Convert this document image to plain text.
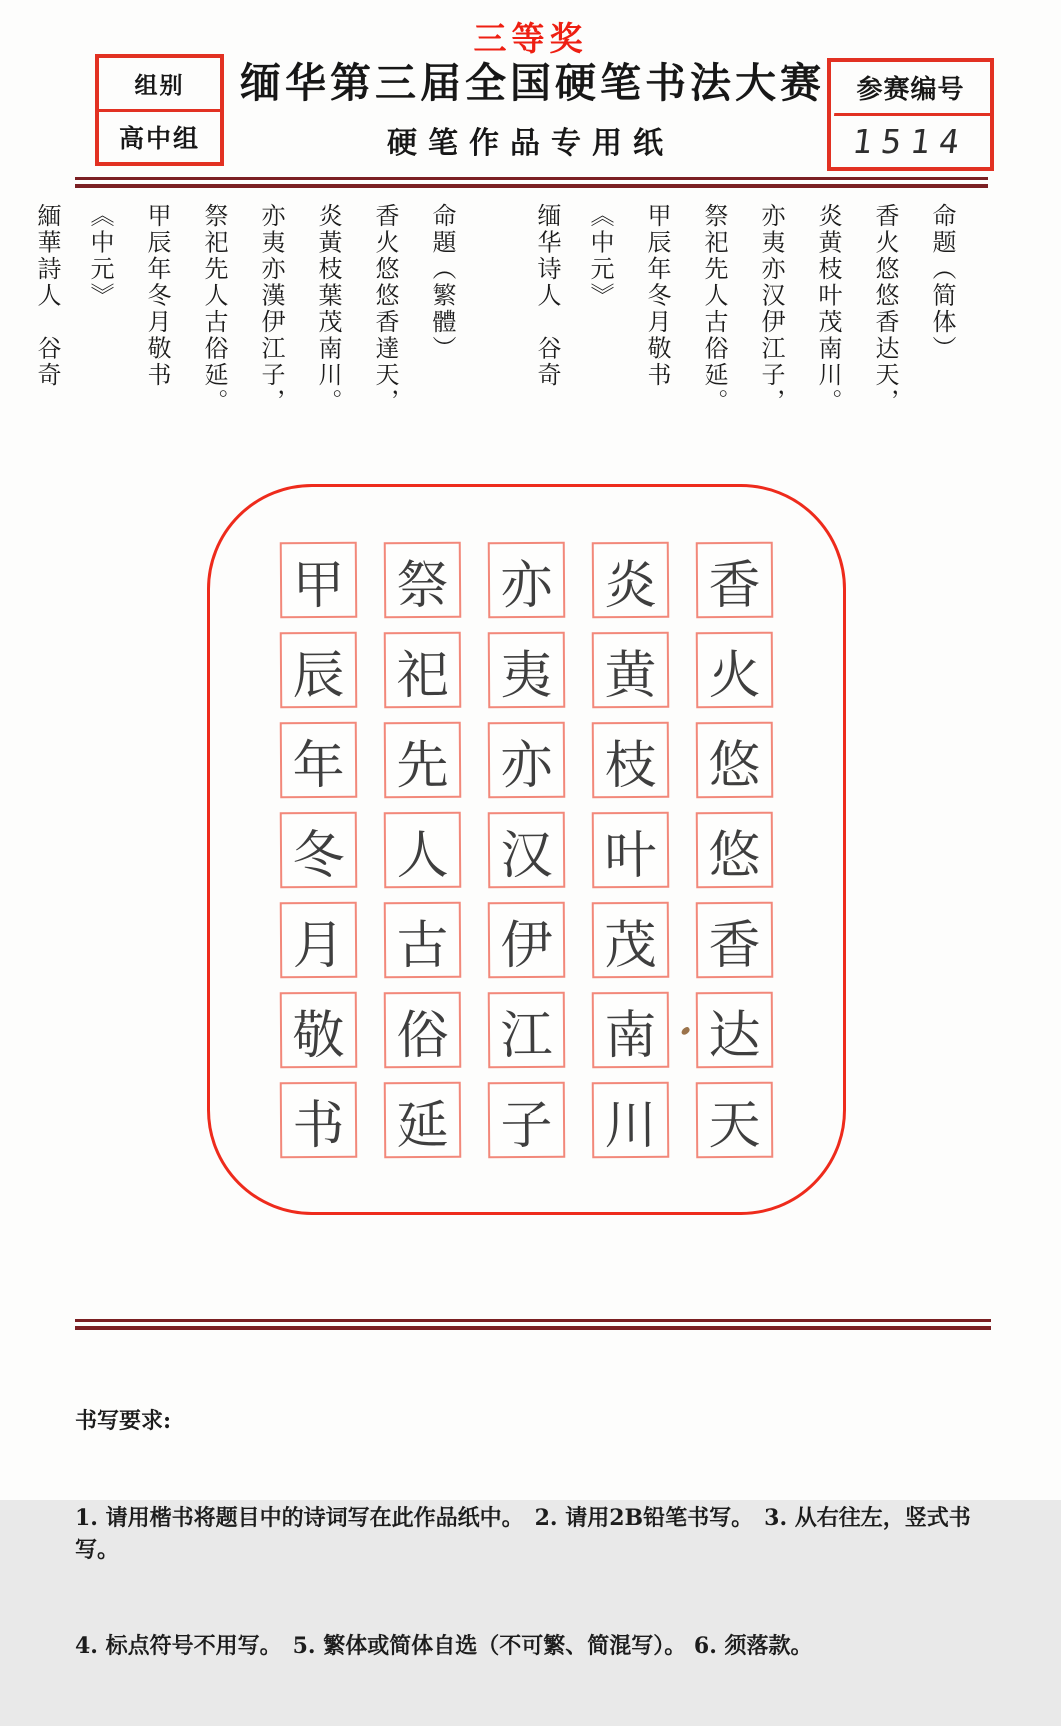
三等奖
缅华第三届全国硬笔书法大赛
硬笔作品专用纸
组别
高中组
参赛编号
1514
命题（简体）
香火悠悠香达天，
炎黄枝叶茂南川。
亦夷亦汉伊江子，
祭祀先人古俗延。
甲辰年冬月敬书
《中元》
缅华诗人　谷奇
命題（繁體）
香火悠悠香達天，
炎黃枝葉茂南川。
亦夷亦漢伊江子，
祭祀先人古俗延。
甲辰年冬月敬书
《中元》
緬華詩人　谷奇
香
火
悠
悠
香
达
天
炎
黄
枝
叶
茂
南
川
亦
夷
亦
汉
伊
江
子
祭
祀
先
人
古
俗
延
甲
辰
年
冬
月
敬
书

书写要求:

1. 请用楷书将题目中的诗词写在此作品纸中。　2. 请用2B铅笔书写。　3. 从右往左，竖式书写。

4. 标点符号不用写。　5. 繁体或简体自选（不可繁、简混写）。 6. 须落款。
